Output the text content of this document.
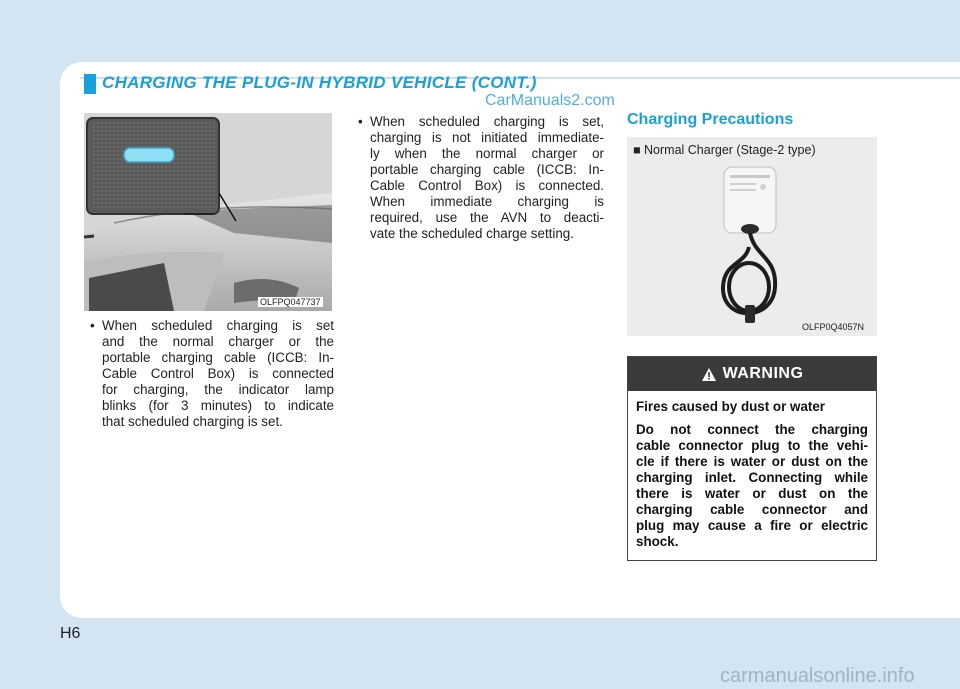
CHARGING THE PLUG-IN HYBRID VEHICLE (CONT.)
CarManuals2.com
OLFPQ047737
• When scheduled charging is set
and the normal charger or the
portable charging cable (ICCB: In-
Cable Control Box) is connected
for charging, the indicator lamp
blinks (for 3 minutes) to indicate
that scheduled charging is set.
• When scheduled charging is set,
charging is not initiated immediate-
ly when the normal charger or
portable charging cable (ICCB: In-
Cable Control Box) is connected.
When immediate charging is
required, use the AVN to deacti-
vate the scheduled charge setting.
Charging Precautions
■ Normal Charger (Stage-2 type)
OLFP0Q4057N
WARNING
Fires caused by dust or water
Do not connect the charging
cable connector plug to the vehi-
cle if there is water or dust on the
charging inlet. Connecting while
there is water or dust on the
charging cable connector and
plug may cause a fire or electric
shock.
H6
carmanualsonline.info
